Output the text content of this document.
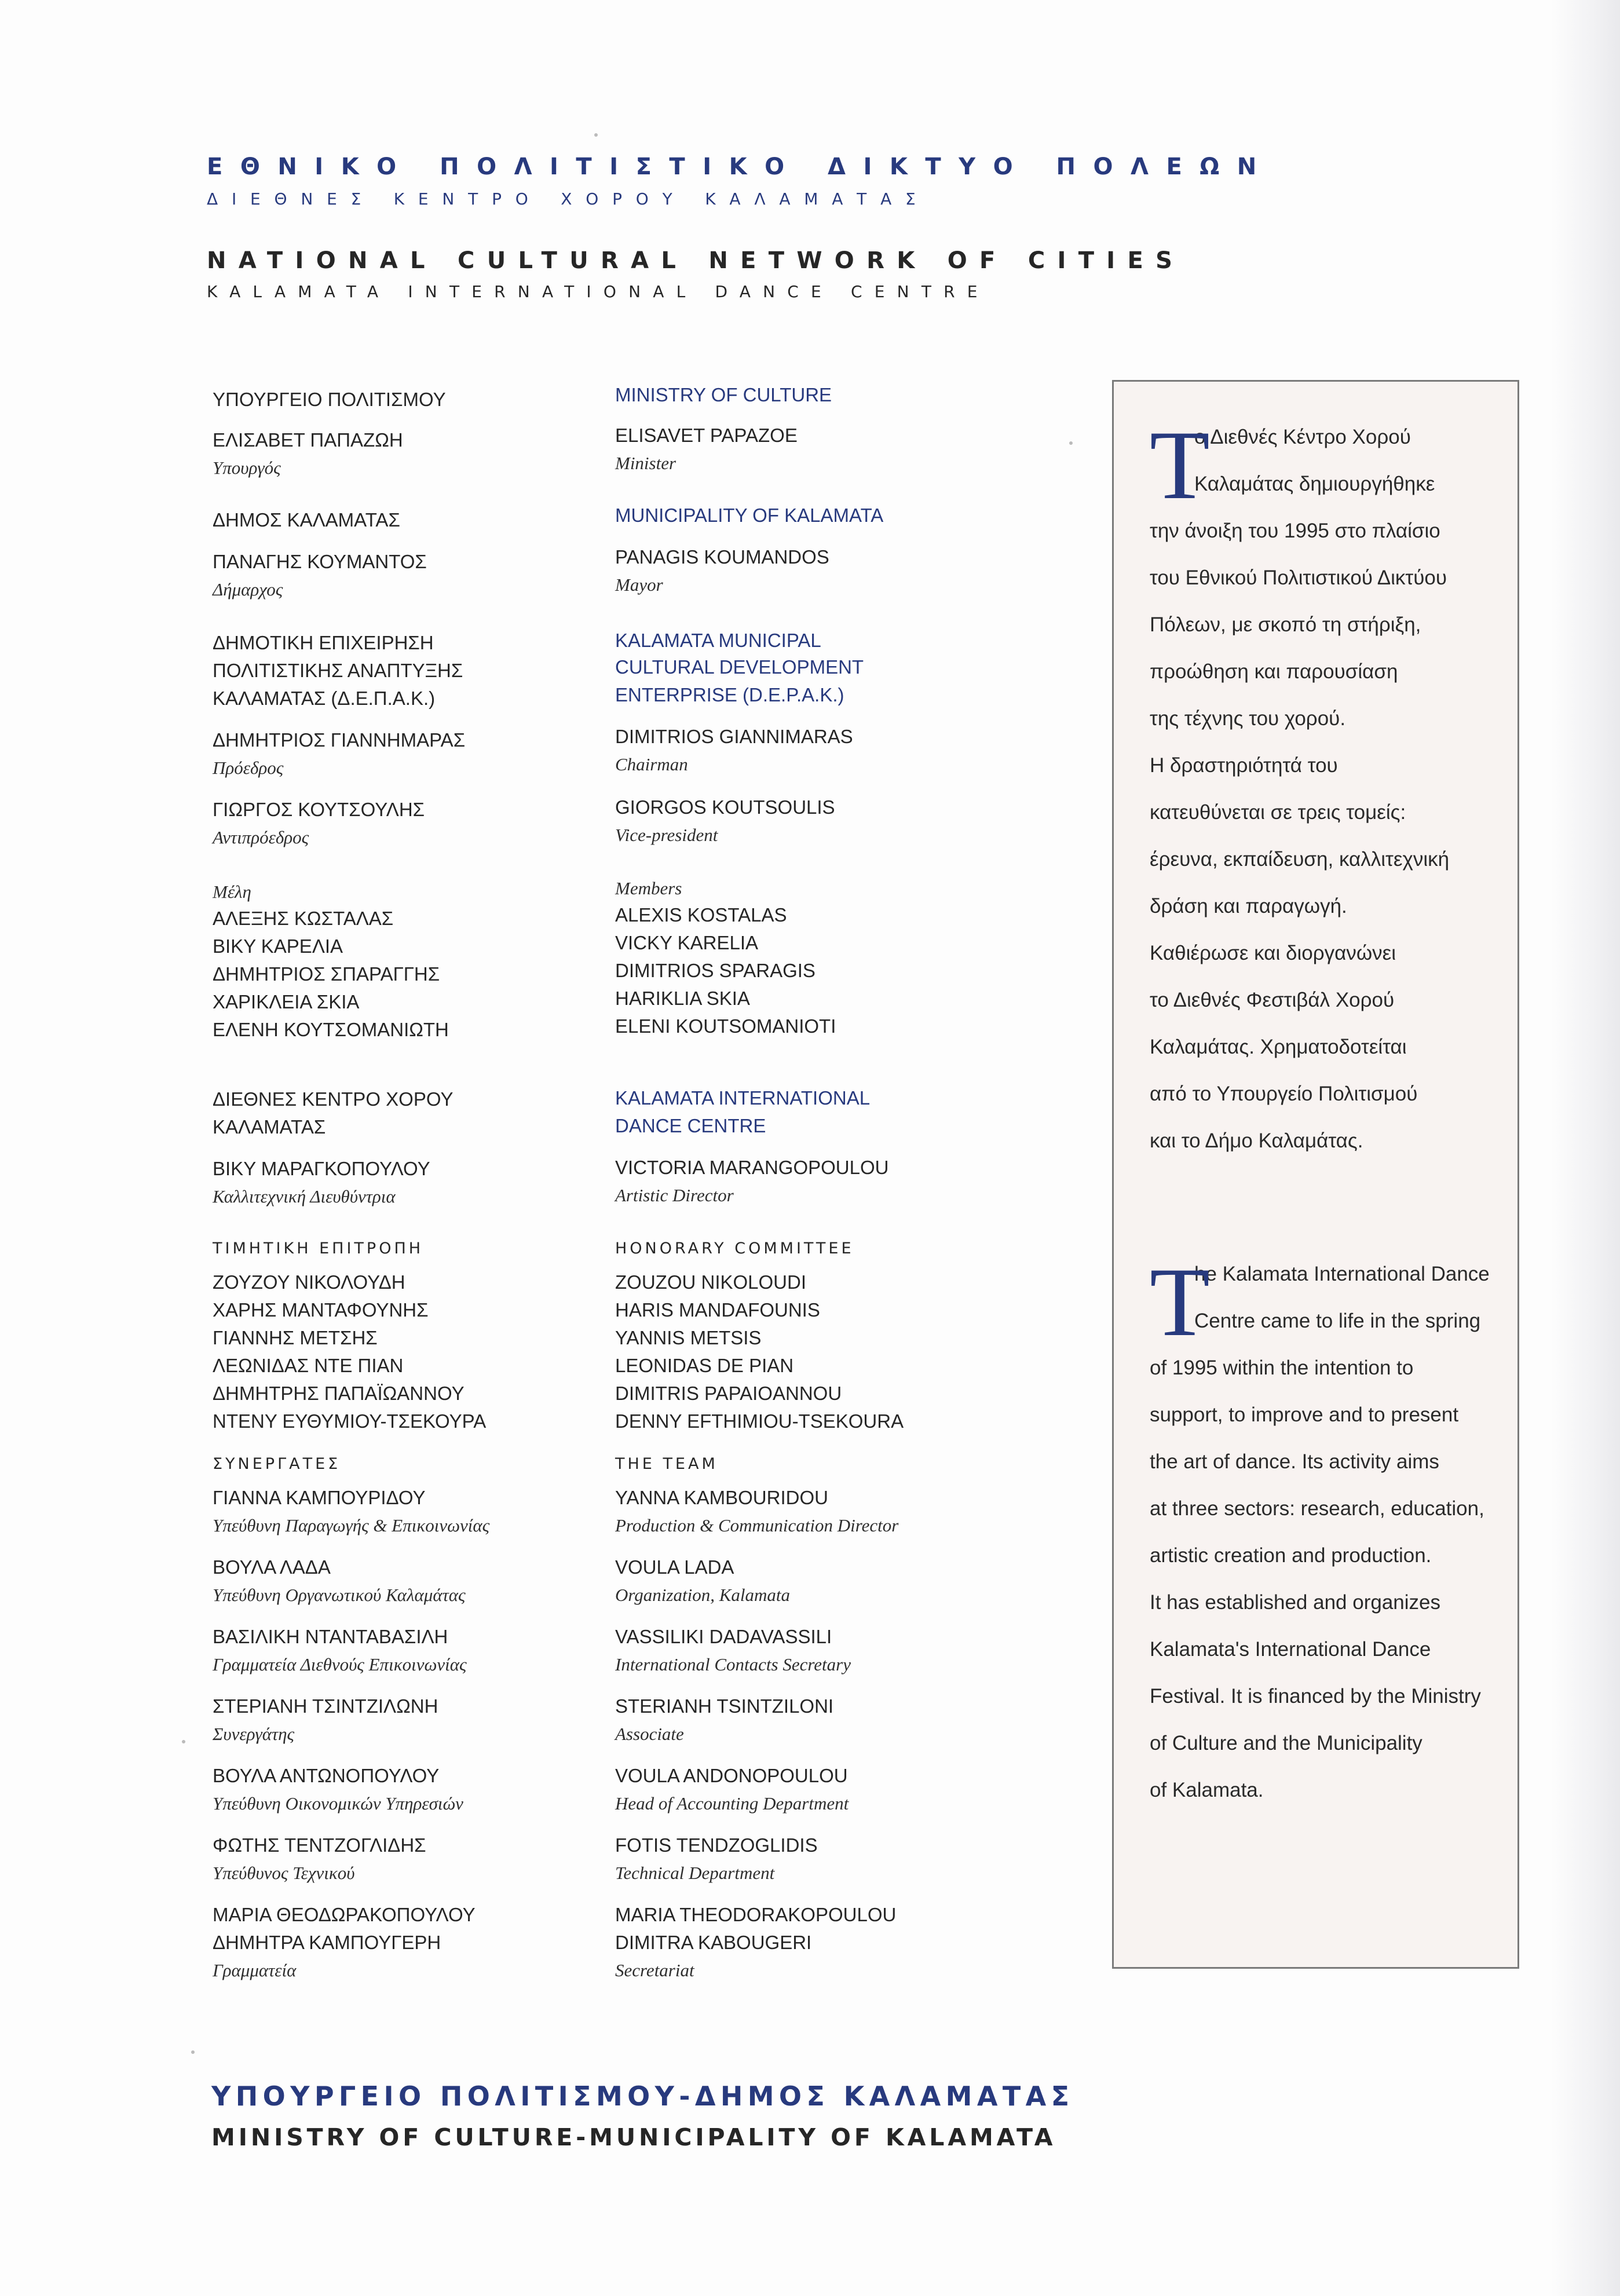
ΕΘΝΙΚΟ ΠΟΛΙΤΙΣΤΙΚΟ ΔΙΚΤΥΟ ΠΟΛΕΩΝ

ΔΙΕΘΝΕΣ ΚΕΝΤΡΟ ΧΟΡΟΥ ΚΑΛΑΜΑΤΑΣ

NATIONAL CULTURAL NETWORK OF CITIES

KALAMATA INTERNATIONAL DANCE CENTRE

ΥΠΟΥΡΓΕΙΟ ΠΟΛΙΤΙΣΜΟΥ

ΕΛΙΣΑΒΕΤ ΠΑΠΑΖΩΗ

Υπουργός

ΔΗΜΟΣ ΚΑΛΑΜΑΤΑΣ

ΠΑΝΑΓΗΣ ΚΟΥΜΑΝΤΟΣ

Δήμαρχος

ΔΗΜΟΤΙΚΗ ΕΠΙΧΕΙΡΗΣΗ

ΠΟΛΙΤΙΣΤΙΚΗΣ ΑΝΑΠΤΥΞΗΣ

ΚΑΛΑΜΑΤΑΣ (Δ.Ε.Π.Α.Κ.)

ΔΗΜΗΤΡΙΟΣ ΓΙΑΝΝΗΜΑΡΑΣ

Πρόεδρος

ΓΙΩΡΓΟΣ ΚΟΥΤΣΟΥΛΗΣ

Αντιπρόεδρος

Μέλη

ΑΛΕΞΗΣ ΚΩΣΤΑΛΑΣ

ΒΙΚΥ ΚΑΡΕΛΙΑ

ΔΗΜΗΤΡΙΟΣ ΣΠΑΡΑΓΓΗΣ

ΧΑΡΙΚΛΕΙΑ ΣΚΙΑ

ΕΛΕΝΗ ΚΟΥΤΣΟΜΑΝΙΩΤΗ

ΔΙΕΘΝΕΣ ΚΕΝΤΡΟ ΧΟΡΟΥ

ΚΑΛΑΜΑΤΑΣ

ΒΙΚΥ ΜΑΡΑΓΚΟΠΟΥΛΟΥ

Καλλιτεχνική Διευθύντρια

ΤΙΜΗΤΙΚΗ ΕΠΙΤΡΟΠΗ

ΖΟΥΖΟΥ ΝΙΚΟΛΟΥΔΗ

ΧΑΡΗΣ ΜΑΝΤΑΦΟΥΝΗΣ

ΓΙΑΝΝΗΣ ΜΕΤΣΗΣ

ΛΕΩΝΙΔΑΣ ΝΤΕ ΠΙΑΝ

ΔΗΜΗΤΡΗΣ ΠΑΠΑΪΩΑΝΝΟΥ

ΝΤΕΝΥ ΕΥΘΥΜΙΟΥ-ΤΣΕΚΟΥΡΑ

ΣΥΝΕΡΓΑΤΕΣ

ΓΙΑΝΝΑ ΚΑΜΠΟΥΡΙΔΟΥ

Υπεύθυνη Παραγωγής & Επικοινωνίας

ΒΟΥΛΑ ΛΑΔΑ

Υπεύθυνη Οργανωτικού Καλαμάτας

ΒΑΣΙΛΙΚΗ ΝΤΑΝΤΑΒΑΣΙΛΗ

Γραμματεία Διεθνούς Επικοινωνίας

ΣΤΕΡΙΑΝΗ ΤΣΙΝΤΖΙΛΩΝΗ

Συνεργάτης

ΒΟΥΛΑ ΑΝΤΩΝΟΠΟΥΛΟΥ

Υπεύθυνη Οικονομικών Υπηρεσιών

ΦΩΤΗΣ ΤΕΝΤΖΟΓΛΙΔΗΣ

Υπεύθυνος Τεχνικού

ΜΑΡΙΑ ΘΕΟΔΩΡΑΚΟΠΟΥΛΟΥ

ΔΗΜΗΤΡΑ ΚΑΜΠΟΥΓΕΡΗ

Γραμματεία

MINISTRY OF CULTURE

ELISAVET PAPAZOE

Minister

MUNICIPALITY OF KALAMATA

PANAGIS KOUMANDOS

Mayor

KALAMATA MUNICIPAL

CULTURAL DEVELOPMENT

ENTERPRISE (D.E.P.A.K.)

DIMITRIOS GIANNIMARAS

Chairman

GIORGOS KOUTSOULIS

Vice-president

Members

ALEXIS KOSTALAS

VICKY KARELIA

DIMITRIOS SPARAGIS

HARIKLIA SKIA

ELENI KOUTSOMANIOTI

KALAMATA INTERNATIONAL

DANCE CENTRE

VICTORIA MARANGOPOULOU

Artistic Director

HONORARY COMMITTEE

ZOUZOU NIKOLOUDI

HARIS MANDAFOUNIS

YANNIS METSIS

LEONIDAS DE PIAN

DIMITRIS PAPAIOANNOU

DENNY EFTHIMIOU-TSEKOURA

THE TEAM

YANNA KAMBOURIDOU

Production & Communication Director

VOULA LADA

Organization, Kalamata

VASSILIKI DADAVASSILI

International Contacts Secretary

STERIANH TSINTZILONI

Associate

VOULA ANDONOPOULOU

Head of Accounting Department

FOTIS TENDZOGLIDIS

Technical Department

MARIA THEODORAKOPOULOU

DIMITRA KABOUGERI

Secretariat

T

ο Διεθνές Κέντρο Χορού

Καλαμάτας δημιουργήθηκε

την άνοιξη του 1995 στο πλαίσιο

του Εθνικού Πολιτιστικού Δικτύου

Πόλεων, με σκοπό τη στήριξη,

προώθηση και παρουσίαση

της τέχνης του χορού.

Η δραστηριότητά του

κατευθύνεται σε τρεις τομείς:

έρευνα, εκπαίδευση, καλλιτεχνική

δράση και παραγωγή.

Καθιέρωσε και διοργανώνει

το Διεθνές Φεστιβάλ Χορού

Καλαμάτας. Χρηματοδοτείται

από το Υπουργείο Πολιτισμού

και το Δήμο Καλαμάτας.

T

he Kalamata International Dance

Centre came to life in the spring

of 1995 within the intention to

support, to improve and to present

the art of dance. Its activity aims

at three sectors: research, education,

artistic creation and production.

It has established and organizes

Kalamata's International Dance

Festival. It is financed by the Ministry

of Culture and the Municipality

of Kalamata.

ΥΠΟΥΡΓΕΙΟ ΠΟΛΙΤΙΣΜΟΥ-ΔΗΜΟΣ ΚΑΛΑΜΑΤΑΣ

MINISTRY OF CULTURE-MUNICIPALITY OF KALAMATA
